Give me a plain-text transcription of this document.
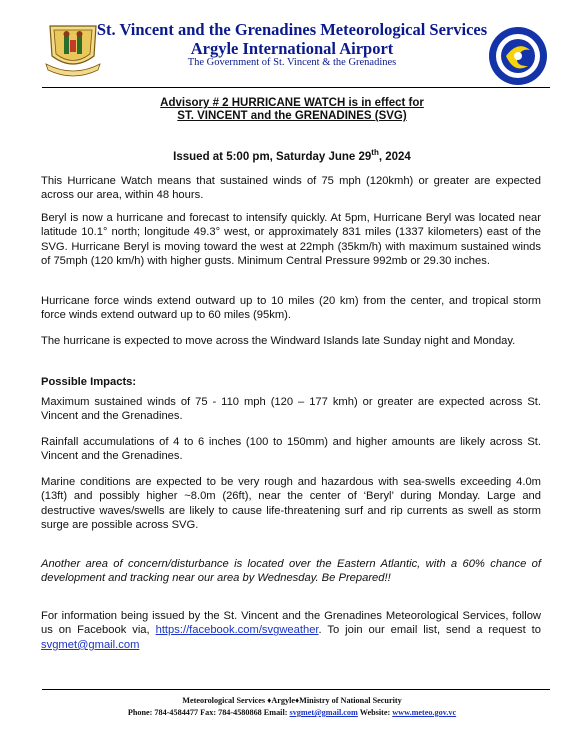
St. Vincent and the Grenadines Meteorological Services
Argyle International Airport
The Government of St. Vincent & the Grenadines
Advisory # 2 HURRICANE WATCH is in effect for
ST. VINCENT and the GRENADINES (SVG)
Issued at 5:00 pm, Saturday June 29th, 2024

This Hurricane Watch means that sustained winds of 75 mph (120kmh) or greater are expected across our area, within 48 hours.

Beryl is now a hurricane and forecast to intensify quickly. At 5pm, Hurricane Beryl was located near latitude 10.1° north; longitude 49.3° west, or approximately 831 miles (1337 kilometers) east of the SVG. Hurricane Beryl is moving toward the west at 22mph (35km/h) with maximum sustained winds of 75mph (120 km/h) with higher gusts. Minimum Central Pressure 992mb or 29.30 inches.

Hurricane force winds extend outward up to 10 miles (20 km) from the center, and tropical storm force winds extend outward up to 60 miles (95km).

The hurricane is expected to move across the Windward Islands late Sunday night and Monday.

Possible Impacts:

Maximum sustained winds of 75 - 110 mph (120 – 177 kmh) or greater are expected across St. Vincent and the Grenadines.

Rainfall accumulations of 4 to 6 inches (100 to 150mm) and higher amounts are likely across St. Vincent and the Grenadines.

Marine conditions are expected to be very rough and hazardous with sea-swells exceeding 4.0m (13ft) and possibly higher ~8.0m (26ft), near the center of ‘Beryl’ during Monday. Large and destructive waves/swells are likely to cause life-threatening surf and rip currents as swell as storm surge are possible across SVG.

Another area of concern/disturbance is located over the Eastern Atlantic, with a 60% chance of development and tracking near our area by Wednesday. Be Prepared!!

For information being issued by the St. Vincent and the Grenadines Meteorological Services, follow us on Facebook via, https://facebook.com/svgweather. To join our email list, send a request to svgmet@gmail.com

Meteorological Services ♦Argyle♦Ministry of National Security
Phone: 784-4584477 Fax: 784-4580868 Email: svgmet@gmail.com Website: www.meteo.gov.vc
